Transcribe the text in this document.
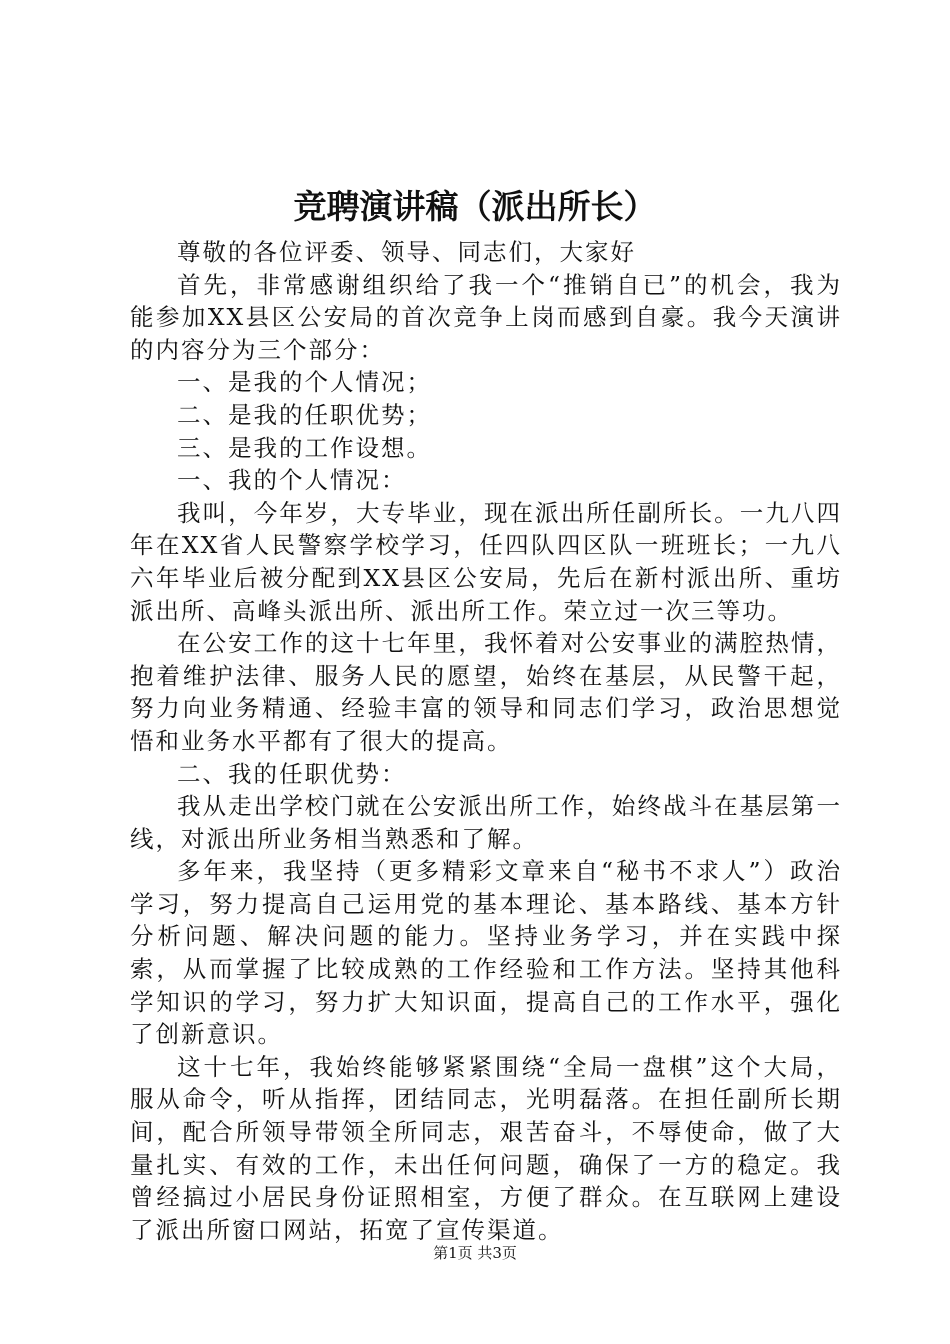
竞聘演讲稿（派出所长）

尊敬的各位评委、领导、同志们，大家好

首先，非常感谢组织给了我一个“推销自已”的机会，我为能参加XX县区公安局的首次竞争上岗而感到自豪。我今天演讲的内容分为三个部分：

一、是我的个人情况；

二、是我的任职优势；

三、是我的工作设想。

一、我的个人情况：

我叫，今年岁，大专毕业，现在派出所任副所长。一九八四年在XX省人民警察学校学习，任四队四区队一班班长；一九八六年毕业后被分配到XX县区公安局，先后在新村派出所、重坊派出所、高峰头派出所、派出所工作。荣立过一次三等功。

在公安工作的这十七年里，我怀着对公安事业的满腔热情，抱着维护法律、服务人民的愿望，始终在基层，从民警干起，努力向业务精通、经验丰富的领导和同志们学习，政治思想觉悟和业务水平都有了很大的提高。

二、我的任职优势：

我从走出学校门就在公安派出所工作，始终战斗在基层第一线，对派出所业务相当熟悉和了解。

多年来，我坚持（更多精彩文章来自“秘书不求人”）政治学习，努力提高自己运用党的基本理论、基本路线、基本方针分析问题、解决问题的能力。坚持业务学习，并在实践中探索，从而掌握了比较成熟的工作经验和工作方法。坚持其他科学知识的学习，努力扩大知识面，提高自己的工作水平，强化了创新意识。

这十七年，我始终能够紧紧围绕“全局一盘棋”这个大局，服从命令，听从指挥，团结同志，光明磊落。在担任副所长期间，配合所领导带领全所同志，艰苦奋斗，不辱使命，做了大量扎实、有效的工作，未出任何问题，确保了一方的稳定。我曾经搞过小居民身份证照相室，方便了群众。在互联网上建设了派出所窗口网站，拓宽了宣传渠道。

第1页 共3页
